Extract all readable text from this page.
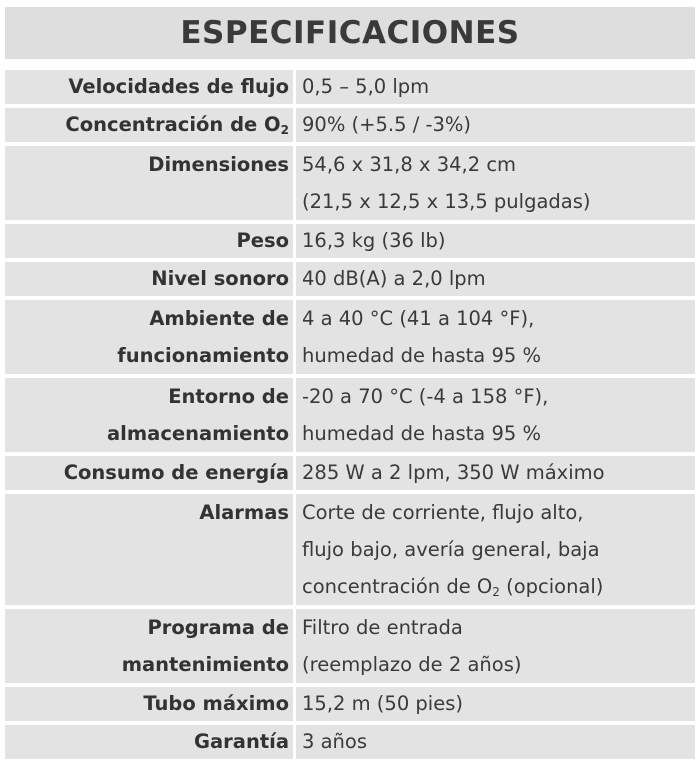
ESPECIFICACIONES
Velocidades de flujo	0,5 – 5,0 lpm

Concentración de $O_2$	90% (+5.5 / -3%)

Dimensiones	54,6 x 31,8 x 34,2 cm
(21,5 x 12,5 x 13,5 pulgadas)

Peso	16,3 kg (36 lb)

Nivel sonoro	40 dB(A) a 2,0 lpm

Ambiente de
funcionamiento	4 a 40 °C (41 a 104 °F),
humedad de hasta 95 %

Entorno de
almacenamiento	-20 a 70 °C (-4 a 158 °F),
humedad de hasta 95 %

Consumo de energía	285 W a 2 lpm, 350 W máximo

Alarmas	Corte de corriente, flujo alto,
flujo bajo, avería general, baja
concentración de $O_2$ (opcional)

Programa de
mantenimiento	Filtro de entrada
(reemplazo de 2 años)

Tubo máximo	15,2 m (50 pies)

Garantía	3 años
